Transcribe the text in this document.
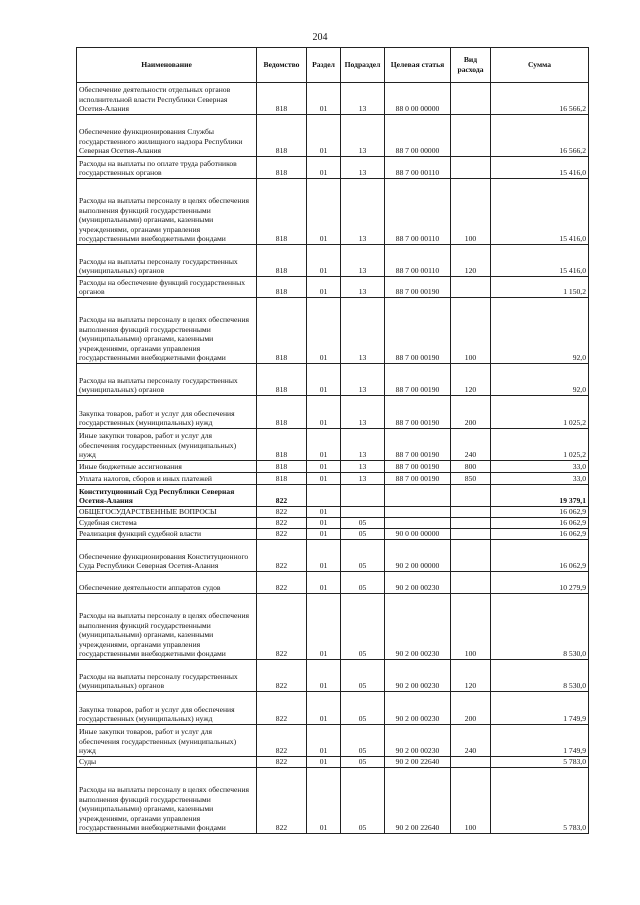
204
Наименование	Ведомство	Раздел	Подраздел	Целевая статья	Вид расхода	Сумма
Обеспечение деятельности отдельных органов исполнительной власти Республики Северная Осетия-Алания	818	01	13	88 0 00 00000		16 566,2
Обеспечение функционирования Службы государственного жилищного надзора Республики Северная Осетия-Алания	818	01	13	88 7 00 00000		16 566,2
Расходы на выплаты по оплате труда работников государственных органов	818	01	13	88 7 00 00110		15 416,0
Расходы на выплаты персоналу в целях обеспечения выполнения функций государственными (муниципальными) органами, казенными учреждениями, органами управления государственными внебюджетными фондами	818	01	13	88 7 00 00110	100	15 416,0
Расходы на выплаты персоналу государственных (муниципальных) органов	818	01	13	88 7 00 00110	120	15 416,0
Расходы на обеспечение функций государственных органов	818	01	13	88 7 00 00190		1 150,2
Расходы на выплаты персоналу в целях обеспечения выполнения функций государственными (муниципальными) органами, казенными учреждениями, органами управления государственными внебюджетными фондами	818	01	13	88 7 00 00190	100	92,0
Расходы на выплаты персоналу государственных (муниципальных) органов	818	01	13	88 7 00 00190	120	92,0
Закупка товаров, работ и услуг для обеспечения государственных (муниципальных) нужд	818	01	13	88 7 00 00190	200	1 025,2
Иные закупки товаров, работ и услуг для обеспечения государственных (муниципальных) нужд	818	01	13	88 7 00 00190	240	1 025,2
Иные бюджетные ассигнования	818	01	13	88 7 00 00190	800	33,0
Уплата налогов, сборов и иных платежей	818	01	13	88 7 00 00190	850	33,0
Конституционный Суд Республики Северная Осетия-Алания	822					19 379,1
ОБЩЕГОСУДАРСТВЕННЫЕ ВОПРОСЫ	822	01				16 062,9
Судебная система	822	01	05			16 062,9
Реализация функций судебной власти	822	01	05	90 0 00 00000		16 062,9
Обеспечение функционирования Конституционного Суда Республики Северная Осетия-Алания	822	01	05	90 2 00 00000		16 062,9
Обеспечение деятельности аппаратов судов	822	01	05	90 2 00 00230		10 279,9
Расходы на выплаты персоналу в целях обеспечения выполнения функций государственными (муниципальными) органами, казенными учреждениями, органами управления государственными внебюджетными фондами	822	01	05	90 2 00 00230	100	8 530,0
Расходы на выплаты персоналу государственных (муниципальных) органов	822	01	05	90 2 00 00230	120	8 530,0
Закупка товаров, работ и услуг для обеспечения государственных (муниципальных) нужд	822	01	05	90 2 00 00230	200	1 749,9
Иные закупки товаров, работ и услуг для обеспечения государственных (муниципальных) нужд	822	01	05	90 2 00 00230	240	1 749,9
Суды	822	01	05	90 2 00 22640		5 783,0
Расходы на выплаты персоналу в целях обеспечения выполнения функций государственными (муниципальными) органами, казенными учреждениями, органами управления государственными внебюджетными фондами	822	01	05	90 2 00 22640	100	5 783,0
